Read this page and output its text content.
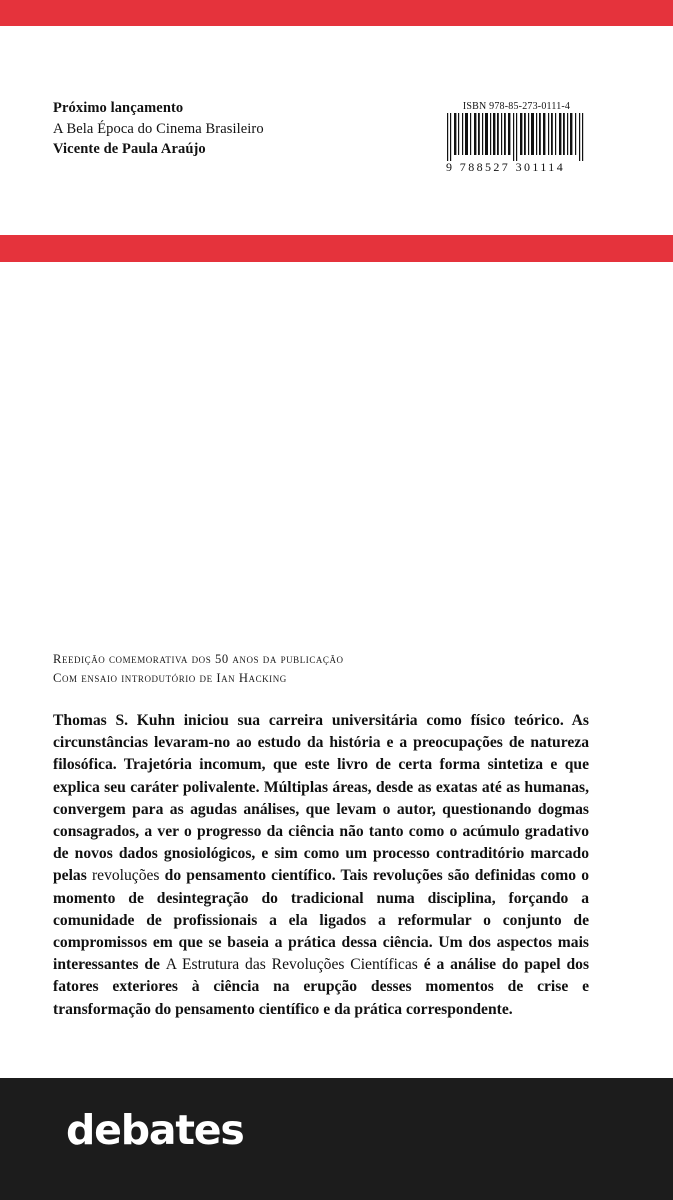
Próximo lançamento
A Bela Época do Cinema Brasileiro
Vicente de Paula Araújo
ISBN 978-85-273-0111-4
9 788527 301114
Reedição comemorativa dos 50 anos da publicação
Com ensaio introdutório de Ian Hacking
Thomas S. Kuhn iniciou sua carreira universitária como físico teórico. As circunstâncias levaram-no ao estudo da história e a preocupações de natureza filosófica. Trajetória incomum, que este livro de certa forma sintetiza e que explica seu caráter polivalente. Múltiplas áreas, desde as exatas até as humanas, convergem para as agudas análises, que levam o autor, questionando dogmas consagrados, a ver o progresso da ciência não tanto como o acúmulo gradativo de novos dados gnosiológicos, e sim como um processo contraditório marcado pelas revoluções do pensamento científico. Tais revoluções são definidas como o momento de desintegração do tradicional numa disciplina, forçando a comunidade de profissionais a ela ligados a reformular o conjunto de compromissos em que se baseia a prática dessa ciência. Um dos aspectos mais interessantes de A Estrutura das Revoluções Científicas é a análise do papel dos fatores exteriores à ciência na erupção desses momentos de crise e transformação do pensamento científico e da prática correspondente.
debates
